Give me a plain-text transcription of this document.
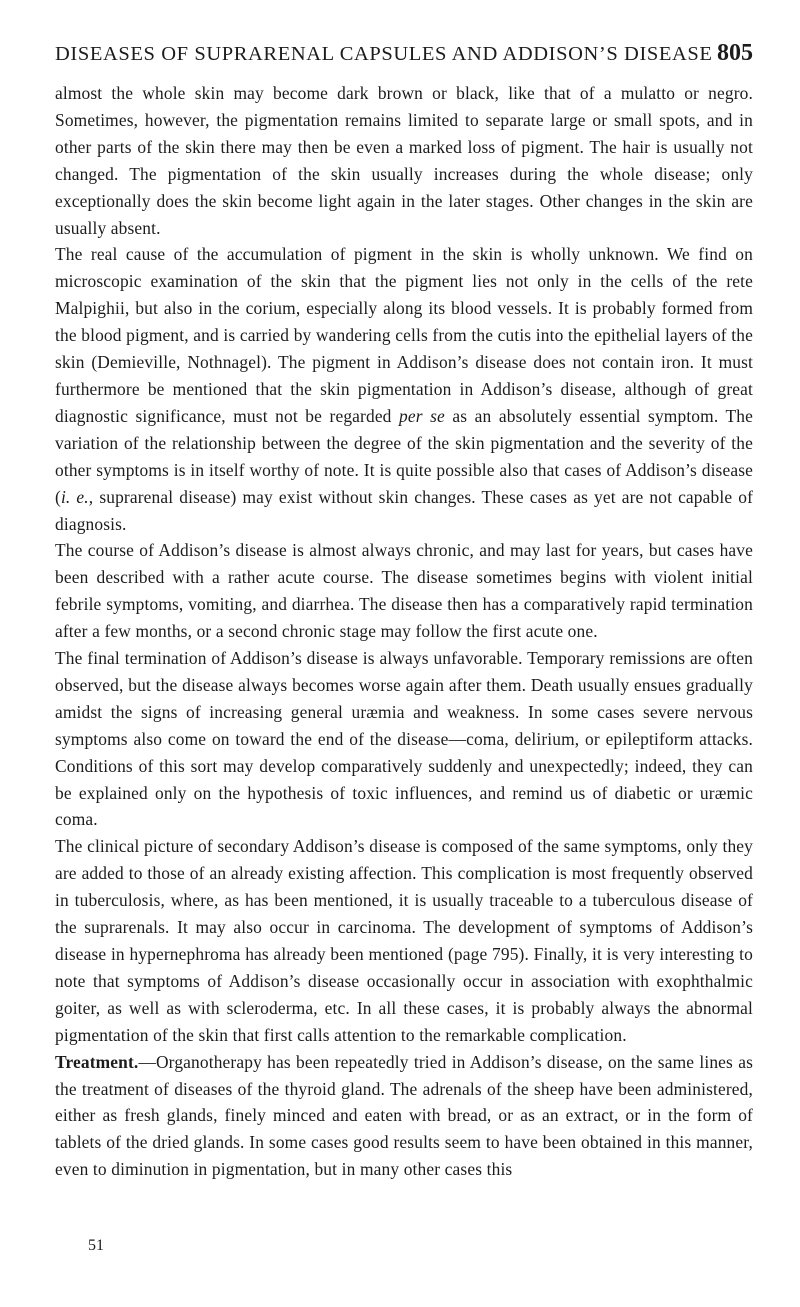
DISEASES OF SUPRARENAL CAPSULES AND ADDISON’S DISEASE 805

almost the whole skin may become dark brown or black, like that of a mulatto or negro. Sometimes, however, the pigmentation remains limited to separate large or small spots, and in other parts of the skin there may then be even a marked loss of pigment. The hair is usually not changed. The pigmentation of the skin usually increases during the whole disease; only exceptionally does the skin become light again in the later stages. Other changes in the skin are usually absent.

The real cause of the accumulation of pigment in the skin is wholly unknown. We find on microscopic examination of the skin that the pigment lies not only in the cells of the rete Malpighii, but also in the corium, especially along its blood vessels. It is probably formed from the blood pigment, and is carried by wandering cells from the cutis into the epithelial layers of the skin (Demieville, Nothnagel). The pigment in Addison’s disease does not contain iron. It must furthermore be mentioned that the skin pigmentation in Addison’s disease, although of great diagnostic significance, must not be regarded per se as an absolutely essential symptom. The variation of the relationship between the degree of the skin pigmentation and the severity of the other symptoms is in itself worthy of note. It is quite possible also that cases of Addison’s disease (i. e., suprarenal disease) may exist without skin changes. These cases as yet are not capable of diagnosis.

The course of Addison’s disease is almost always chronic, and may last for years, but cases have been described with a rather acute course. The disease sometimes begins with violent initial febrile symptoms, vomiting, and diarrhea. The disease then has a comparatively rapid termination after a few months, or a second chronic stage may follow the first acute one.

The final termination of Addison’s disease is always unfavorable. Temporary remissions are often observed, but the disease always becomes worse again after them. Death usually ensues gradually amidst the signs of increasing general uræmia and weakness. In some cases severe nervous symptoms also come on toward the end of the disease—coma, delirium, or epileptiform attacks. Conditions of this sort may develop comparatively suddenly and unexpectedly; indeed, they can be explained only on the hypothesis of toxic influences, and remind us of diabetic or uræmic coma.

The clinical picture of secondary Addison’s disease is composed of the same symptoms, only they are added to those of an already existing affection. This complication is most frequently observed in tuberculosis, where, as has been mentioned, it is usually traceable to a tuberculous disease of the suprarenals. It may also occur in carcinoma. The development of symptoms of Addison’s disease in hypernephroma has already been mentioned (page 795). Finally, it is very interesting to note that symptoms of Addison’s disease occasionally occur in association with exophthalmic goiter, as well as with scleroderma, etc. In all these cases, it is probably always the abnormal pigmentation of the skin that first calls attention to the remarkable complication.

Treatment.—Organotherapy has been repeatedly tried in Addison’s disease, on the same lines as the treatment of diseases of the thyroid gland. The adrenals of the sheep have been administered, either as fresh glands, finely minced and eaten with bread, or as an extract, or in the form of tablets of the dried glands. In some cases good results seem to have been obtained in this manner, even to diminution in pigmentation, but in many other cases this

51
